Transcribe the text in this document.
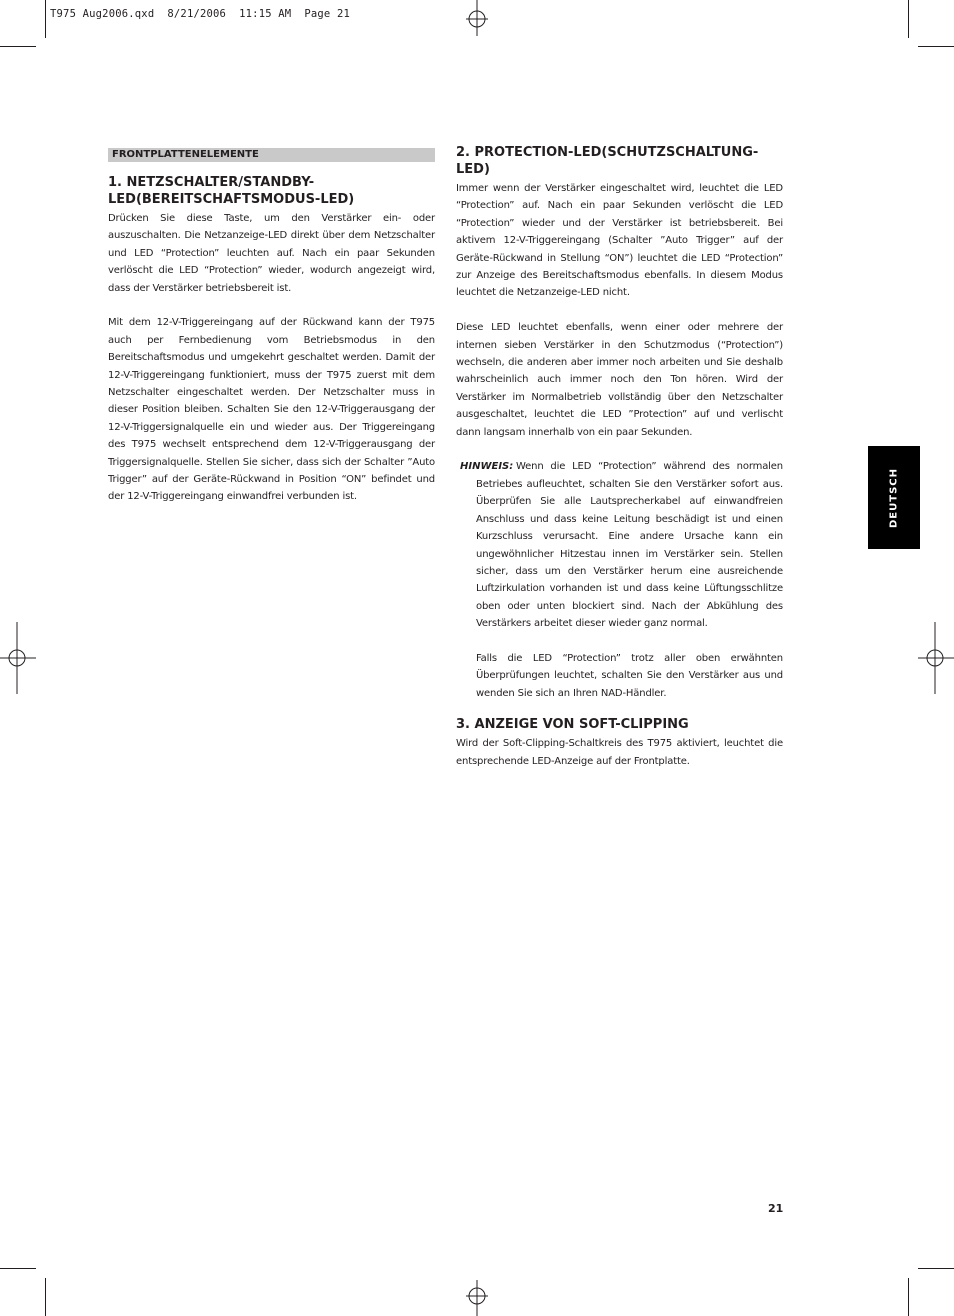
T975 Aug2006.qxd  8/21/2006  11:15 AM  Page 21
FRONTPLATTENELEMENTE
1. NETZSCHALTER/STANDBY-LED(BEREITSCHAFTSMODUS-LED)

Drücken Sie diese Taste, um den Verstärker ein- oder auszuschalten. Die Netzanzeige-LED direkt über dem Netzschalter und LED “Protection” leuchten auf. Nach ein paar Sekunden verlöscht die LED “Protection” wieder, wodurch angezeigt wird, dass der Verstärker betriebsbereit ist.

Mit dem 12-V-Triggereingang auf der Rückwand kann der T975 auch per Fernbedienung vom Betriebsmodus in den Bereitschaftsmodus und umgekehrt geschaltet werden. Damit der 12-V-Triggereingang funktioniert, muss der T975 zuerst mit dem Netzschalter eingeschaltet werden. Der Netzschalter muss in dieser Position bleiben. Schalten Sie den 12-V-Triggerausgang der 12-V-Triggersignalquelle ein und wieder aus. Der Triggereingang des T975 wechselt entsprechend dem 12-V-Triggerausgang der Triggersignalquelle. Stellen Sie sicher, dass sich der Schalter ”Auto Trigger” auf der Geräte-Rückwand in Position “ON” befindet und der 12-V-Triggereingang einwandfrei verbunden ist.

2. PROTECTION-LED(SCHUTZSCHALTUNG-LED)

Immer wenn der Verstärker eingeschaltet wird, leuchtet die LED “Protection” auf. Nach ein paar Sekunden verlöscht die LED “Protection” wieder und der Verstärker ist betriebsbereit. Bei aktivem 12-V-Triggereingang (Schalter ”Auto Trigger” auf der Geräte-Rückwand in Stellung “ON”) leuchtet die LED “Protection” zur Anzeige des Bereitschaftsmodus ebenfalls. In diesem Modus leuchtet die Netzanzeige-LED nicht.

Diese LED leuchtet ebenfalls, wenn einer oder mehrere der internen sieben Verstärker in den Schutzmodus (“Protection”) wechseln, die anderen aber immer noch arbeiten und Sie deshalb wahrscheinlich auch immer noch den Ton hören. Wird der Verstärker im Normalbetrieb vollständig über den Netzschalter ausgeschaltet, leuchtet die LED ”Protection” auf und verlischt dann langsam innerhalb von ein paar Sekunden.

HINWEIS: Wenn die LED “Protection” während des normalen Betriebes aufleuchtet, schalten Sie den Verstärker sofort aus. Überprüfen Sie alle Lautsprecherkabel auf einwandfreien Anschluss und dass keine Leitung beschädigt ist und einen Kurzschluss verursacht. Eine andere Ursache kann ein ungewöhnlicher Hitzestau innen im Verstärker sein. Stellen sicher, dass um den Verstärker herum eine ausreichende Luftzirkulation vorhanden ist und dass keine Lüftungsschlitze oben oder unten blockiert sind. Nach der Abkühlung des Verstärkers arbeitet dieser wieder ganz normal.

Falls die LED “Protection” trotz aller oben erwähnten Überprüfungen leuchtet, schalten Sie den Verstärker aus und wenden Sie sich an Ihren NAD-Händler.

3. ANZEIGE VON SOFT-CLIPPING

Wird der Soft-Clipping-Schaltkreis des T975 aktiviert, leuchtet die entsprechende LED-Anzeige auf der Frontplatte.

DEUTSCH
21
